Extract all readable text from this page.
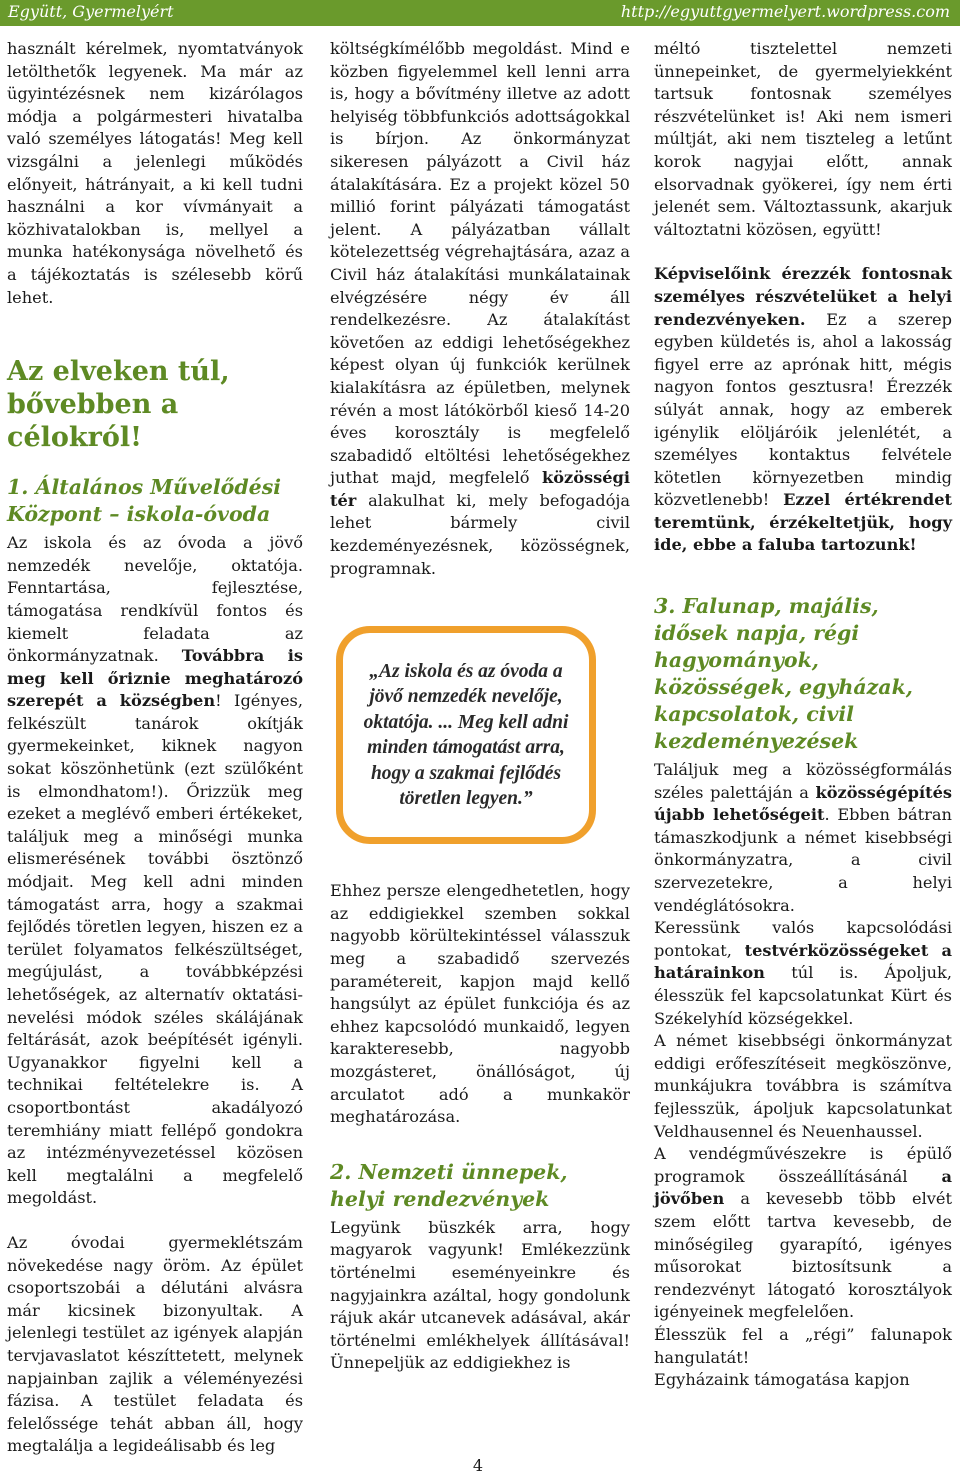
Együtt, Gyermelyért	http://egyuttgyermelyert.wordpress.com

használt kérelmek, nyomtatványok letölthetők legyenek. Ma már az ügyintézésnek nem kizárólagos módja a polgármesteri hivatalba való személyes látogatás! Meg kell vizsgálni a jelenlegi működés előnyeit, hátrányait, a ki kell tudni használni a kor vívmányait a közhivatalokban is, mellyel a munka hatékonysága növelhető és a tájékoztatás is szélesebb körű lehet.

Az elveken túl, bővebben a célokról!
1. Általános Művelődési Központ – iskola-óvoda

Az iskola és az óvoda a jövő nemzedék nevelője, oktatója. Fenntartása, fejlesztése, támogatása rendkívül fontos és kiemelt feladata az önkormányzatnak. Továbbra is meg kell őriznie meghatározó szerepét a községben! Igényes, felkészült tanárok okítják gyermekeinket, kiknek nagyon sokat köszönhetünk (ezt szülőként is elmondhatom!). Őrizzük meg ezeket a meglévő emberi értékeket, találjuk meg a minőségi munka elismerésének további ösztönző módjait. Meg kell adni minden támogatást arra, hogy a szakmai fejlődés töretlen legyen, hiszen ez a terület folyamatos felkészültséget, megújulást, a továbbképzési lehetőségek, az alternatív oktatási-nevelési módok széles skálájának feltárását, azok beépítését igényli. Ugyanakkor figyelni kell a technikai feltételekre is. A csoportbontást akadályozó teremhiány miatt fellépő gondokra az intézményvezetéssel közösen kell megtalálni a megfelelő megoldást.

Az óvodai gyermeklétszám növekedése nagy öröm. Az épület csoportszobái a délutáni alvásra már kicsinek bizonyultak. A jelenlegi testület az igények alapján tervjavaslatot készíttetett, melynek napjainban zajlik a véleményezési fázisa. A testület feladata és felelőssége tehát abban áll, hogy megtalálja a legideálisabb és leg

költségkímélőbb megoldást. Mind e közben figyelemmel kell lenni arra is, hogy a bővítmény illetve az adott helyiség többfunkciós adottságokkal is bírjon. Az önkormányzat sikeresen pályázott a Civil ház átalakítására. Ez a projekt közel 50 millió forint pályázati támogatást jelent. A pályázatban vállalt kötelezettség végrehajtására, azaz a Civil ház átalakítási munkálatainak elvégzésére négy év áll rendelkezésre. Az átalakítást követően az eddigi lehetőségekhez képest olyan új funkciók kerülnek kialakításra az épületben, melynek révén a most látókörből kieső 14-20 éves korosztály is megfelelő szabadidő eltöltési lehetőségekhez juthat majd, megfelelő közösségi tér alakulhat ki, mely befogadója lehet bármely civil kezdeményezésnek, közösségnek, programnak.

Ehhez persze elengedhetetlen, hogy az eddigiekkel szemben sokkal nagyobb körültekintéssel válasszuk meg a szabadidő szervezés paramétereit, kapjon majd kellő hangsúlyt az épület funkciója és az ehhez kapcsolódó munkaidő, legyen karakteresebb, nagyobb mozgásteret, önállóságot, új arculatot adó a munkakör meghatározása.

2. Nemzeti ünnepek, helyi rendezvények

Legyünk büszkék arra, hogy magyarok vagyunk! Emlékezzünk történelmi eseményeinkre és nagyjainkra azáltal, hogy gondolunk rájuk akár utcanevek adásával, akár történelmi emlékhelyek állításával! Ünnepeljük az eddigiekhez is

„Az iskola és az óvoda a jövő nemzedék nevelője, oktatója. ... Meg kell adni minden támogatást arra, hogy a szakmai fejlődés töretlen legyen.”

méltó tisztelettel nemzeti ünnepeinket, de gyermelyiekként tartsuk fontosnak személyes részvételünket is! Aki nem ismeri múltját, aki nem tiszteleg a letűnt korok nagyjai előtt, annak elsorvadnak gyökerei, így nem érti jelenét sem. Változtassunk, akarjuk változtatni közösen, együtt!

Képviselőink érezzék fontosnak személyes részvételüket a helyi rendezvényeken. Ez a szerep egyben küldetés is, ahol a lakosság figyel erre az aprónak hitt, mégis nagyon fontos gesztusra! Érezzék súlyát annak, hogy az emberek igénylik elöljáróik jelenlétét, a személyes kontaktus felvétele kötetlen környezetben mindig közvetlenebb! Ezzel értékrendet teremtünk, érzékeltetjük, hogy ide, ebbe a faluba tartozunk!

3. Falunap, majális, idősek napja, régi hagyományok, közösségek, egyházak, kapcsolatok, civil kezdeményezések

Találjuk meg a közösségformálás széles palettáján a közösségépítés újabb lehetőségeit. Ebben bátran támaszkodjunk a német kisebbségi önkormányzatra, a civil szervezetekre, a helyi vendéglátósokra.

Keressünk valós kapcsolódási pontokat, testvérközösségeket a határainkon túl is. Ápoljuk, élesszük fel kapcsolatunkat Kürt és Székelyhíd községekkel.

A német kisebbségi önkormányzat eddigi erőfeszítéseit megköszönve, munkájukra továbbra is számítva fejlesszük, ápoljuk kapcsolatunkat Veldhausennel és Neuenhaussel.

A vendégművészekre is épülő programok összeállításánál a jövőben a kevesebb több elvét szem előtt tartva kevesebb, de minőségileg gyarapító, igényes műsorokat biztosítsunk a rendezvényt látogató korosztályok igényeinek megfelelően.

Élesszük fel a „régi” falunapok hangulatát!

Egyházaink támogatása kapjon

4
